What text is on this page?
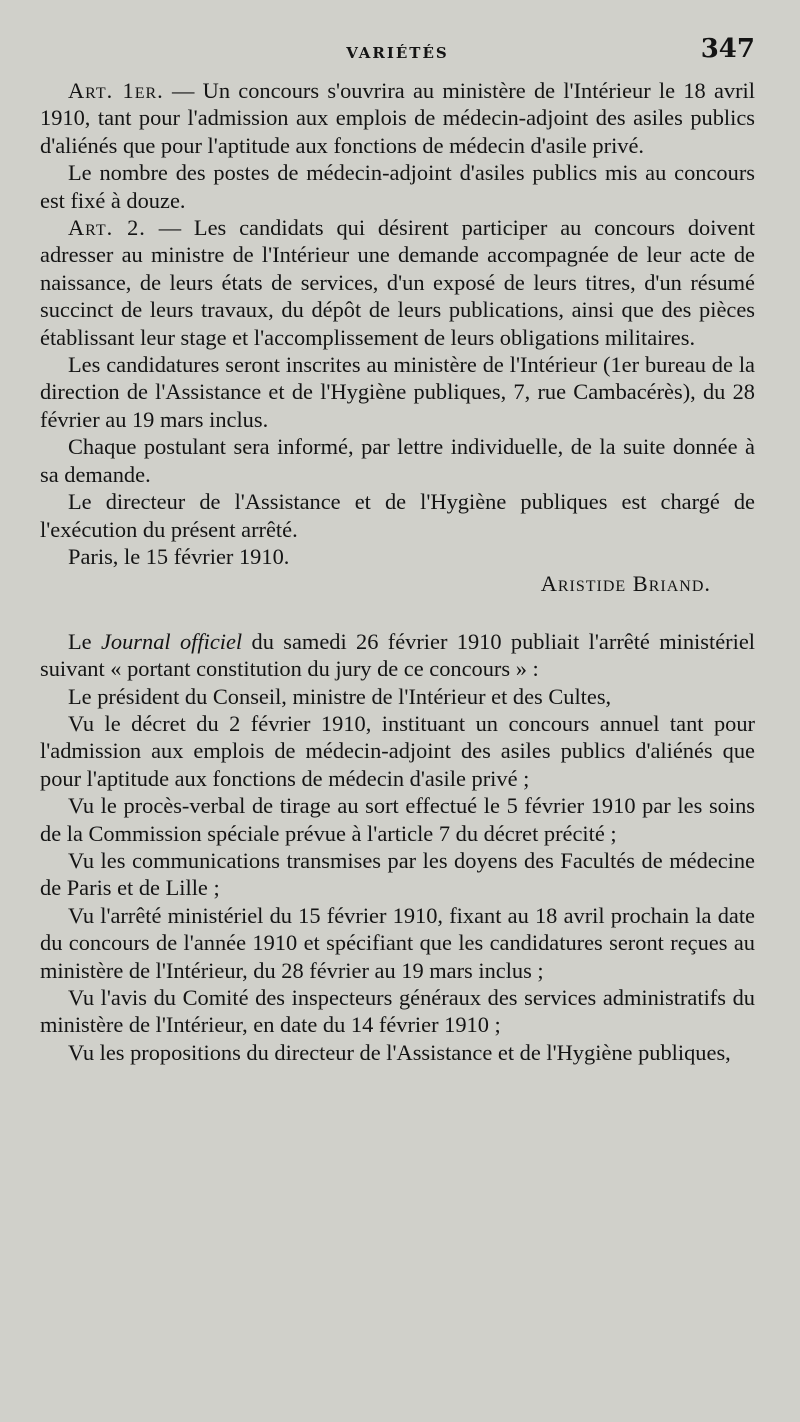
VARIÉTÉS	347

Art. 1er. — Un concours s'ouvrira au ministère de l'Intérieur le 18 avril 1910, tant pour l'admission aux emplois de médecin-adjoint des asiles publics d'aliénés que pour l'aptitude aux fonctions de médecin d'asile privé.

Le nombre des postes de médecin-adjoint d'asiles publics mis au concours est fixé à douze.

Art. 2. — Les candidats qui désirent participer au concours doivent adresser au ministre de l'Intérieur une demande accompagnée de leur acte de naissance, de leurs états de services, d'un exposé de leurs titres, d'un résumé succinct de leurs travaux, du dépôt de leurs publications, ainsi que des pièces établissant leur stage et l'accomplissement de leurs obligations militaires.

Les candidatures seront inscrites au ministère de l'Intérieur (1er bureau de la direction de l'Assistance et de l'Hygiène publiques, 7, rue Cambacérès), du 28 février au 19 mars inclus.

Chaque postulant sera informé, par lettre individuelle, de la suite donnée à sa demande.

Le directeur de l'Assistance et de l'Hygiène publiques est chargé de l'exécution du présent arrêté.

Paris, le 15 février 1910.

Aristide Briand.

Le Journal officiel du samedi 26 février 1910 publiait l'arrêté ministériel suivant « portant constitution du jury de ce concours » :

Le président du Conseil, ministre de l'Intérieur et des Cultes,

Vu le décret du 2 février 1910, instituant un concours annuel tant pour l'admission aux emplois de médecin-adjoint des asiles publics d'aliénés que pour l'aptitude aux fonctions de médecin d'asile privé ;

Vu le procès-verbal de tirage au sort effectué le 5 février 1910 par les soins de la Commission spéciale prévue à l'article 7 du décret précité ;

Vu les communications transmises par les doyens des Facultés de médecine de Paris et de Lille ;

Vu l'arrêté ministériel du 15 février 1910, fixant au 18 avril prochain la date du concours de l'année 1910 et spécifiant que les candidatures seront reçues au ministère de l'Intérieur, du 28 février au 19 mars inclus ;

Vu l'avis du Comité des inspecteurs généraux des services administratifs du ministère de l'Intérieur, en date du 14 février 1910 ;

Vu les propositions du directeur de l'Assistance et de l'Hygiène publiques,
